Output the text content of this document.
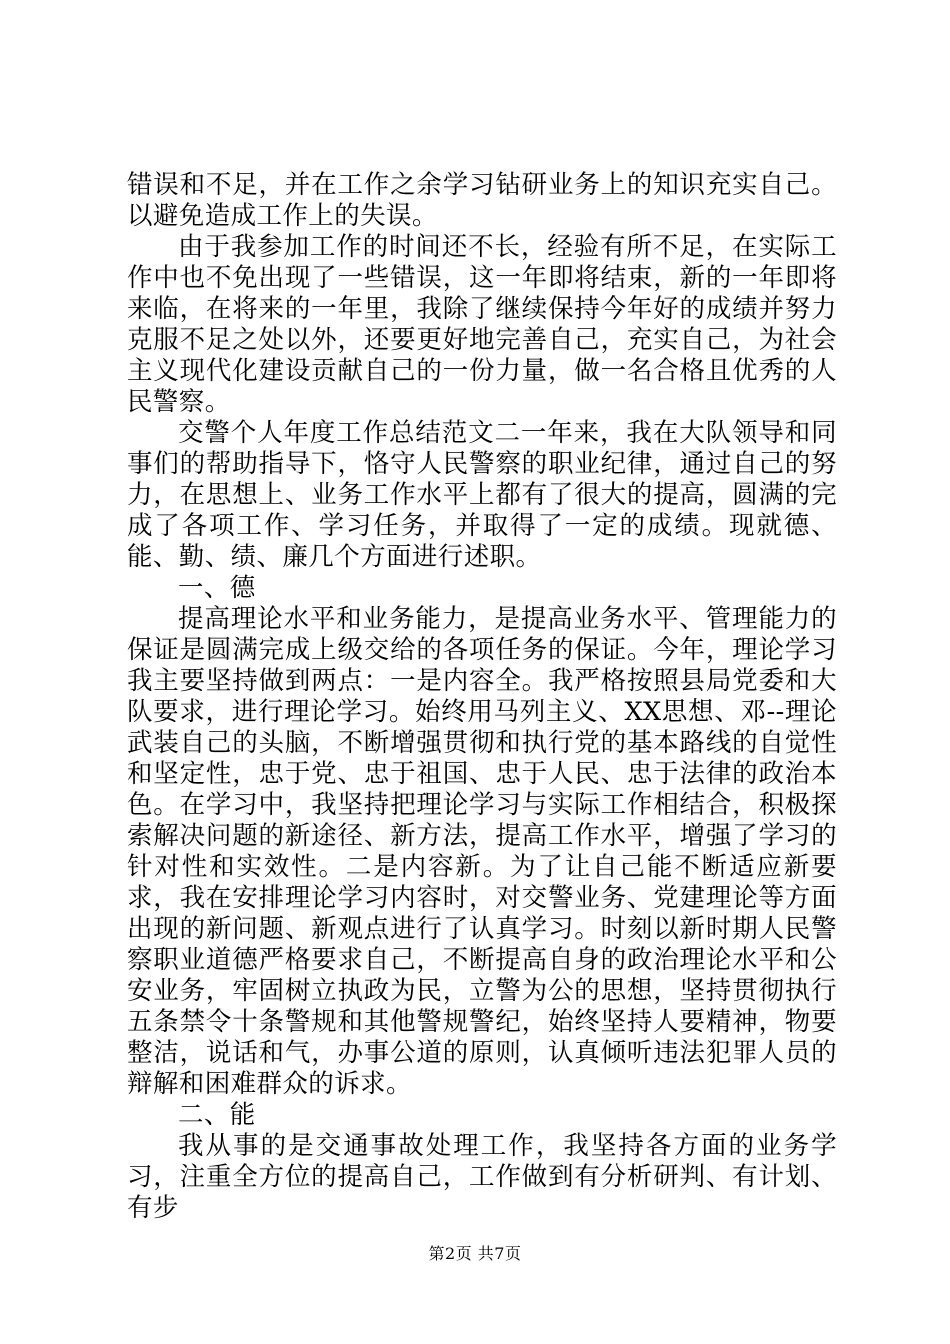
错误和不足，并在工作之余学习钻研业务上的知识充实自己。以避免造成工作上的失误。

由于我参加工作的时间还不长，经验有所不足，在实际工作中也不免出现了一些错误，这一年即将结束，新的一年即将来临，在将来的一年里，我除了继续保持今年好的成绩并努力克服不足之处以外，还要更好地完善自己，充实自己，为社会主义现代化建设贡献自己的一份力量，做一名合格且优秀的人民警察。

交警个人年度工作总结范文二一年来，我在大队领导和同事们的帮助指导下，恪守人民警察的职业纪律，通过自己的努力，在思想上、业务工作水平上都有了很大的提高，圆满的完成了各项工作、学习任务，并取得了一定的成绩。现就德、能、勤、绩、廉几个方面进行述职。

一、德

提高理论水平和业务能力，是提高业务水平、管理能力的保证是圆满完成上级交给的各项任务的保证。今年，理论学习我主要坚持做到两点：一是内容全。我严格按照县局党委和大队要求，进行理论学习。始终用马列主义、XX思想、邓--理论武装自己的头脑，不断增强贯彻和执行党的基本路线的自觉性和坚定性，忠于党、忠于祖国、忠于人民、忠于法律的政治本色。在学习中，我坚持把理论学习与实际工作相结合，积极探索解决问题的新途径、新方法，提高工作水平，增强了学习的针对性和实效性。二是内容新。为了让自己能不断适应新要求，我在安排理论学习内容时，对交警业务、党建理论等方面出现的新问题、新观点进行了认真学习。时刻以新时期人民警察职业道德严格要求自己，不断提高自身的政治理论水平和公安业务，牢固树立执政为民，立警为公的思想，坚持贯彻执行五条禁令十条警规和其他警规警纪，始终坚持人要精神，物要整洁，说话和气，办事公道的原则，认真倾听违法犯罪人员的辩解和困难群众的诉求。

二、能

我从事的是交通事故处理工作，我坚持各方面的业务学习，注重全方位的提高自己，工作做到有分析研判、有计划、有步

第2页 共7页
